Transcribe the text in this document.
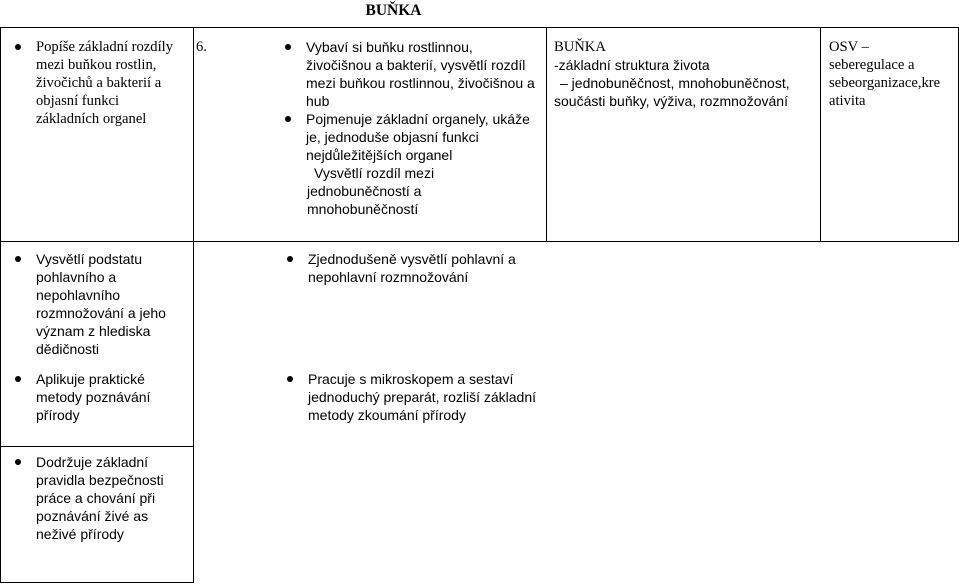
BUŇKA
Popíše základní rozdíly
mezi buňkou rostlin,
živočichů a bakterií a
objasní funkci
základních organel
6.	Vybaví si buňku rostlinnou,
živočišnou a bakterií, vysvětlí rozdíl
mezi buňkou rostlinnou, živočišnou a
hub
Pojmenuje základní organely, ukáže
je, jednoduše objasní funkci
nejdůležitějších organel
Vysvětlí rozdíl mezi
jednobuněčností a
mnohobuněčností
BUŇKA
-základní struktura života
– jednobuněčnost, mnohobuněčnost,
součásti buňky, výživa, rozmnožování
OSV –
seberegulace a
sebeorganizace,kre
ativita
Vysvětlí podstatu
pohlavního a
nepohlavního
rozmnožování a jeho
význam z hlediska
dědičnosti
Zjednodušeně vysvětlí pohlavní a
nepohlavní rozmnožování
Aplikuje praktické
metody poznávání
přírody
Pracuje s mikroskopem a sestaví
jednoduchý preparát, rozliší základní
metody zkoumání přírody
Dodržuje základní
pravidla bezpečnosti
práce a chování při
poznávání živé as
neživé přírody
